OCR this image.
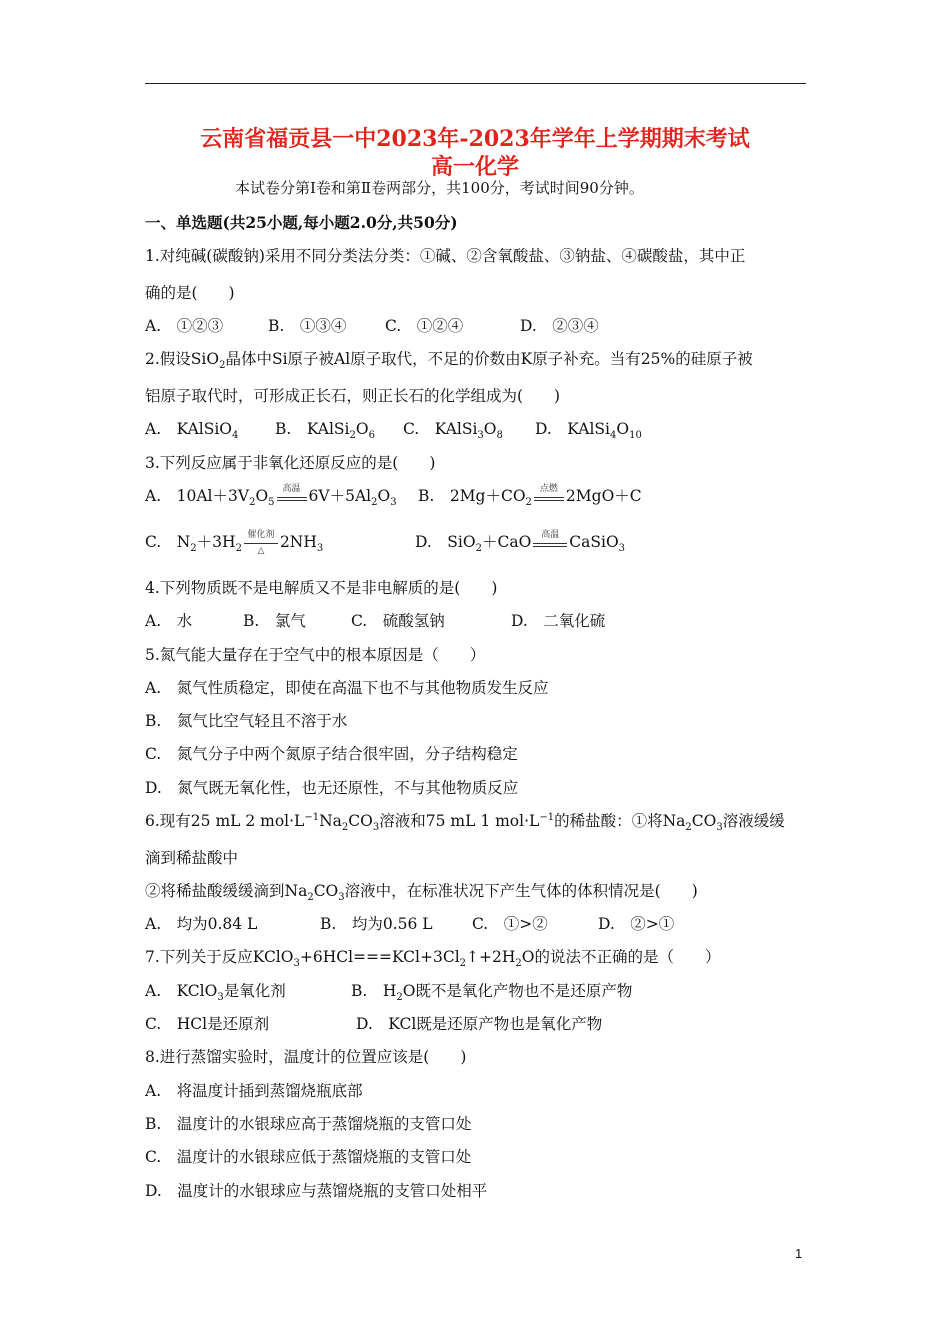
云南省福贡县一中2023年-2023年学年上学期期末考试
高一化学
本试卷分第Ⅰ卷和第Ⅱ卷两部分，共100分，考试时间90分钟。
一、单选题(共25小题,每小题2.0分,共50分)
1.对纯碱(碳酸钠)采用不同分类法分类：①碱、②含氧酸盐、③钠盐、④碳酸盐，其中正
确的是(　　)
A.　①②③	B.　①③④ C.　①②④	D.　②③④
2.假设SiO$_2$晶体中Si原子被Al原子取代，不足的价数由K原子补充。当有25%的硅原子被
铝原子取代时，可形成正长石，则正长石的化学组成为(　　)
A.　KAlSiO$_4$ B.　$KAlSi_2O_6$ C.　$KAlSi_3O_8$ D.　$KAlSi_4O_{10}$
3.下列反应属于非氧化还原反应的是(　　)
A.　$10Al+3V_2O_5$
高温 $6V+5Al_2O_3$ B.　$2Mg+CO_2$
点燃 2MgO＋C
C.　$N_2+3H_2$
催化剂
△	$2NH_3$	D.　SiO$_2$＋CaO	高温 CaSiO$_3$
4.下列物质既不是电解质又不是非电解质的是(　　)
A.　水	B.　氯气	C.　硫酸氢钠	D.　二氧化硫
5.氮气能大量存在于空气中的根本原因是（　　）
A.　氮气性质稳定，即使在高温下也不与其他物质发生反应
B.　氮气比空气轻且不溶于水
C.　氮气分子中两个氮原子结合很牢固，分子结构稳定
D.　氮气既无氧化性，也无还原性，不与其他物质反应
6.现有25 mL 2 $mol\cdot L^{-1}Na_2CO_3$溶液和75 mL 1 $mol\cdot L^{-1}$的稀盐酸：①将$Na_2CO_3$溶液缓缓
滴到稀盐酸中
②将稀盐酸缓缓滴到$Na_2CO_3$溶液中，在标准状况下产生气体的体积情况是(　　)
A.　均为0.84 L	B.　均为0.56 L	C.　①>②	D.　②>①
7.下列关于反应$KClO_3+6HCl===KCl+3Cl_2↑+2H_2O$的说法不正确的是（　　）
A.　KClO$_3$是氧化剂	B.　$H_2O$既不是氧化产物也不是还原产物
C.　HCl是还原剂	D.　KCl既是还原产物也是氧化产物
8.进行蒸馏实验时，温度计的位置应该是(　　)
A.　将温度计插到蒸馏烧瓶底部
B.　温度计的水银球应高于蒸馏烧瓶的支管口处
C.　温度计的水银球应低于蒸馏烧瓶的支管口处
D.　温度计的水银球应与蒸馏烧瓶的支管口处相平
1
